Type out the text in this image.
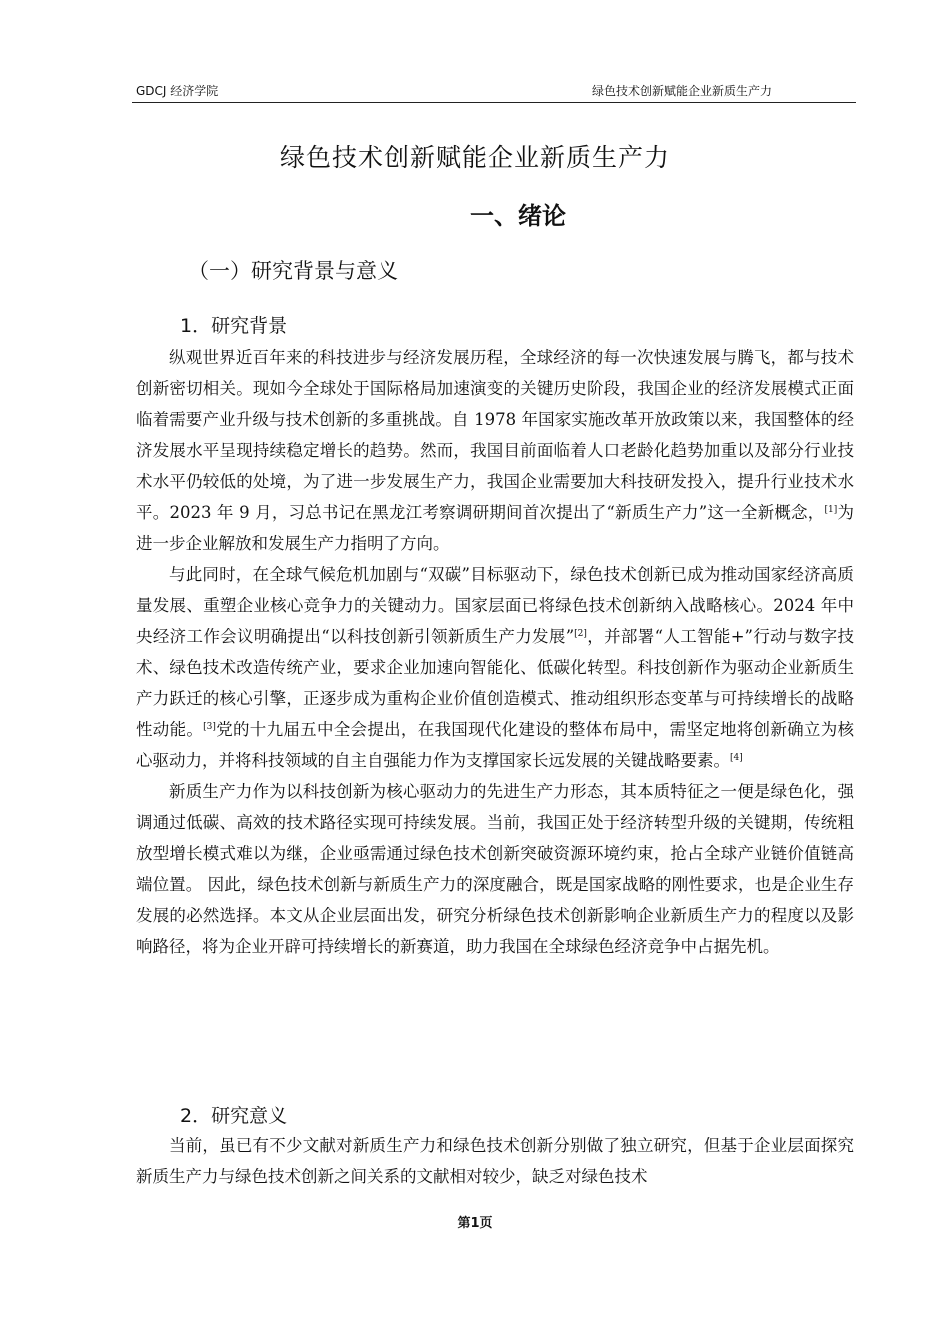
GDCJ 经济学院	绿色技术创新赋能企业新质生产力
绿色技术创新赋能企业新质生产力
一、绪论
（一）研究背景与意义
1．研究背景

纵观世界近百年来的科技进步与经济发展历程，全球经济的每一次快速发展与腾飞，都与技术创新密切相关。现如今全球处于国际格局加速演变的关键历史阶段，我国企业的经济发展模式正面临着需要产业升级与技术创新的多重挑战。自 1978 年国家实施改革开放政策以来，我国整体的经济发展水平呈现持续稳定增长的趋势。然而，我国目前面临着人口老龄化趋势加重以及部分行业技术水平仍较低的处境，为了进一步发展生产力，我国企业需要加大科技研发投入，提升行业技术水平。2023 年 9 月，习总书记在黑龙江考察调研期间首次提出了“新质生产力”这一全新概念，[1]为进一步企业解放和发展生产力指明了方向。

与此同时，在全球气候危机加剧与“双碳”目标驱动下，绿色技术创新已成为推动国家经济高质量发展、重塑企业核心竞争力的关键动力。国家层面已将绿色技术创新纳入战略核心。2024 年中央经济工作会议明确提出“以科技创新引领新质生产力发展”[2]，并部署“人工智能+”行动与数字技术、绿色技术改造传统产业，要求企业加速向智能化、低碳化转型。科技创新作为驱动企业新质生产力跃迁的核心引擎，正逐步成为重构企业价值创造模式、推动组织形态变革与可持续增长的战略性动能。[3]党的十九届五中全会提出，在我国现代化建设的整体布局中，需坚定地将创新确立为核心驱动力，并将科技领域的自主自强能力作为支撑国家长远发展的关键战略要素。[4]

新质生产力作为以科技创新为核心驱动力的先进生产力形态，其本质特征之一便是绿色化，强调通过低碳、高效的技术路径实现可持续发展。当前，我国正处于经济转型升级的关键期，传统粗放型增长模式难以为继，企业亟需通过绿色技术创新突破资源环境约束，抢占全球产业链价值链高端位置。 因此，绿色技术创新与新质生产力的深度融合，既是国家战略的刚性要求，也是企业生存发展的必然选择。本文从企业层面出发，研究分析绿色技术创新影响企业新质生产力的程度以及影响路径，将为企业开辟可持续增长的新赛道，助力我国在全球绿色经济竞争中占据先机。

2．研究意义

当前，虽已有不少文献对新质生产力和绿色技术创新分别做了独立研究，但基于企业层面探究新质生产力与绿色技术创新之间关系的文献相对较少，缺乏对绿色技术

第1页
